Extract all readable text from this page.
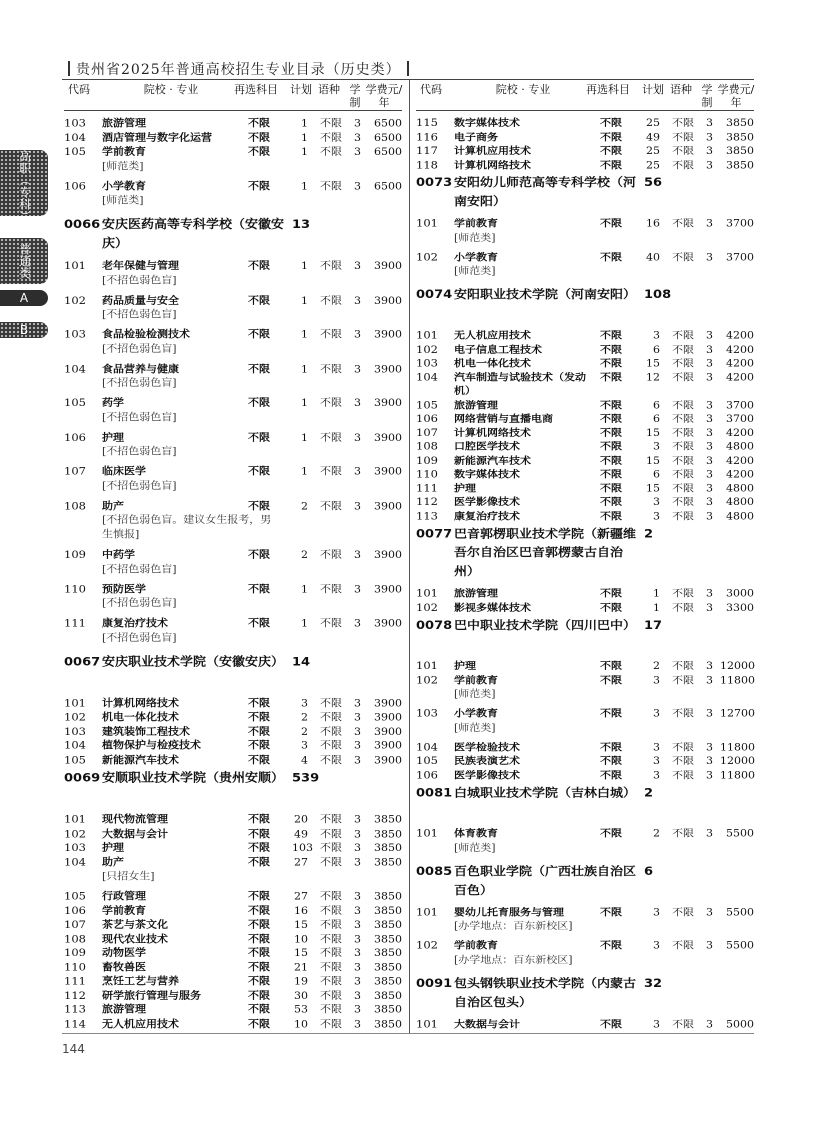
贵州省2025年普通高校招生专业目录（历史类）
高职（专科）
普通类
A
B
代码	院校 · 专业	再选科目 计划 语种 学制
学费元/年
103 旅游管理	不限	1 不限 3	6500
104 酒店管理与数字化运营	不限	1 不限 3	6500
105 学前教育	不限	1 不限 3	6500
[师范类]
106 小学教育	不限	1 不限 3	6500
[师范类]
0066 安庆医药高等专科学校（安徽安庆）
13
101 老年保健与管理	不限	1 不限 3	3900
[不招色弱色盲]
102 药品质量与安全	不限	1 不限 3	3900
[不招色弱色盲]
103 食品检验检测技术	不限	1 不限 3	3900
[不招色弱色盲]
104 食品营养与健康	不限	1 不限 3	3900
[不招色弱色盲]
105 药学	不限	1 不限 3	3900
[不招色弱色盲]
106 护理	不限	1 不限 3	3900
[不招色弱色盲]
107 临床医学	不限	1 不限 3	3900
[不招色弱色盲]
108 助产	不限	2 不限 3	3900
[不招色弱色盲。建议女生报考，男生慎报]
109 中药学	不限	2 不限 3	3900
[不招色弱色盲]
110 预防医学	不限	1 不限 3	3900
[不招色弱色盲]
111 康复治疗技术	不限	1 不限 3	3900
[不招色弱色盲]
0067 安庆职业技术学院（安徽安庆） 14
101 计算机网络技术	不限	3 不限 3	3900
102 机电一体化技术	不限	2 不限 3	3900
103 建筑装饰工程技术	不限	2 不限 3	3900
104 植物保护与检疫技术	不限	3 不限 3	3900
105 新能源汽车技术	不限	4 不限 3	3900
0069 安顺职业技术学院（贵州安顺） 539
101 现代物流管理	不限 20 不限 3	3850
102 大数据与会计	不限 49 不限 3	3850
103 护理	不限 103 不限 3	3850
104 助产	不限 27 不限 3	3850
[只招女生]
105 行政管理	不限 27 不限 3	3850
106 学前教育	不限 16 不限 3	3850
107 茶艺与茶文化	不限 15 不限 3	3850
108 现代农业技术	不限 10 不限 3	3850
109 动物医学	不限 15 不限 3	3850
110 畜牧兽医	不限 21 不限 3	3850
111 烹饪工艺与营养	不限 19 不限 3	3850
112 研学旅行管理与服务	不限 30 不限 3	3850
113 旅游管理	不限 53 不限 3	3850
114 无人机应用技术	不限 10 不限 3	3850
代码	院校 · 专业	再选科目 计划 语种 学制
学费元/年
115 数字媒体技术	不限 25 不限 3	3850
116 电子商务	不限 49 不限 3	3850
117 计算机应用技术	不限 25 不限 3	3850
118 计算机网络技术	不限 25 不限 3	3850
0073 安阳幼儿师范高等专科学校（河南安阳）
56
101 学前教育	不限 16 不限 3	3700
[师范类]
102 小学教育	不限 40 不限 3	3700
[师范类]
0074 安阳职业技术学院（河南安阳） 108
101 无人机应用技术	不限	3 不限 3	4200
102 电子信息工程技术	不限	6 不限 3	4200
103 机电一体化技术	不限 15 不限 3	4200
104 汽车制造与试验技术（发动机）
不限 12 不限 3	4200
105 旅游管理	不限	6 不限 3	3700
106 网络营销与直播电商	不限	6 不限 3	3700
107 计算机网络技术	不限 15 不限 3	4200
108 口腔医学技术	不限	3 不限 3	4800
109 新能源汽车技术	不限 15 不限 3	4200
110 数字媒体技术	不限	6 不限 3	4200
111 护理	不限 15 不限 3	4800
112 医学影像技术	不限	3 不限 3	4800
113 康复治疗技术	不限	3 不限 3	4800
0077 巴音郭楞职业技术学院（新疆维吾尔自治区巴音郭楞蒙古自治州）
2
101 旅游管理	不限	1 不限 3	3000
102 影视多媒体技术	不限	1 不限 3	3300
0078 巴中职业技术学院（四川巴中） 17
101 护理	不限	2 不限 3 12000
102 学前教育	不限	3 不限 3 11800
[师范类]
103 小学教育	不限	3 不限 3 12700
[师范类]
104 医学检验技术	不限	3 不限 3 11800
105 民族表演艺术	不限	3 不限 3 12000
106 医学影像技术	不限	3 不限 3 11800
0081 白城职业技术学院（吉林白城） 2
101 体育教育	不限	2 不限 3	5500
[师范类]
0085 百色职业学院（广西壮族自治区百色）
6
101 婴幼儿托育服务与管理	不限	3 不限 3	5500
[办学地点：百东新校区]
102 学前教育	不限	3 不限 3	5500
[办学地点：百东新校区]
0091 包头钢铁职业技术学院（内蒙古自治区包头）
32
101 大数据与会计	不限	3 不限 3	5000
144
